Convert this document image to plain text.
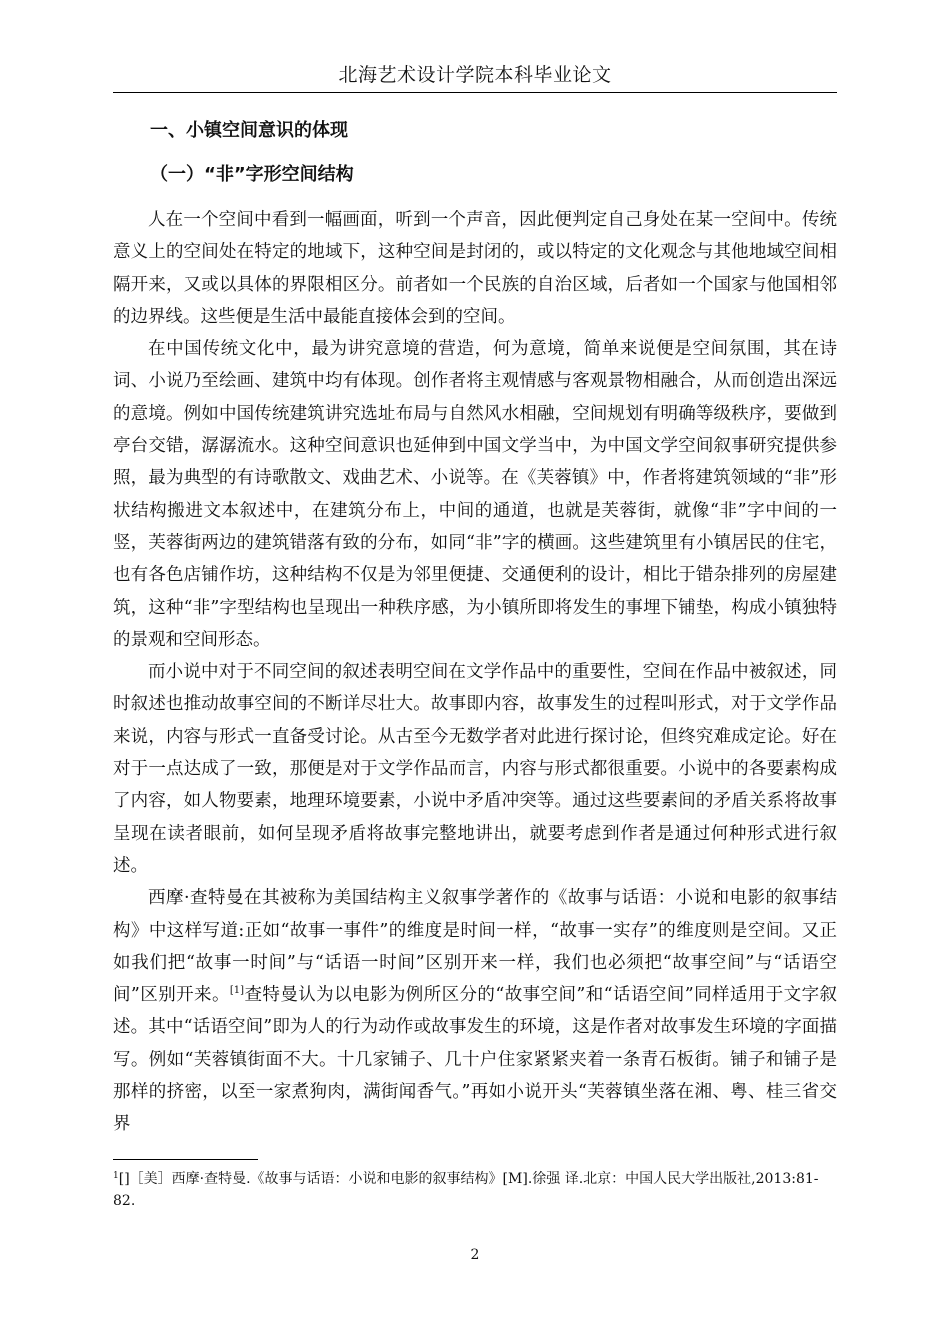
北海艺术设计学院本科毕业论文
一、小镇空间意识的体现
（一）“非”字形空间结构

人在一个空间中看到一幅画面，听到一个声音，因此便判定自己身处在某一空间中。传统意义上的空间处在特定的地域下，这种空间是封闭的，或以特定的文化观念与其他地域空间相隔开来，又或以具体的界限相区分。前者如一个民族的自治区域，后者如一个国家与他国相邻的边界线。这些便是生活中最能直接体会到的空间。

在中国传统文化中，最为讲究意境的营造，何为意境，简单来说便是空间氛围，其在诗词、小说乃至绘画、建筑中均有体现。创作者将主观情感与客观景物相融合，从而创造出深远的意境。例如中国传统建筑讲究选址布局与自然风水相融，空间规划有明确等级秩序，要做到亭台交错，潺潺流水。这种空间意识也延伸到中国文学当中，为中国文学空间叙事研究提供参照，最为典型的有诗歌散文、戏曲艺术、小说等。在《芙蓉镇》中，作者将建筑领域的“非”形状结构搬进文本叙述中，在建筑分布上，中间的通道，也就是芙蓉街，就像“非”字中间的一竖，芙蓉街两边的建筑错落有致的分布，如同“非”字的横画。这些建筑里有小镇居民的住宅，也有各色店铺作坊，这种结构不仅是为邻里便捷、交通便利的设计，相比于错杂排列的房屋建筑，这种“非”字型结构也呈现出一种秩序感，为小镇所即将发生的事埋下铺垫，构成小镇独特的景观和空间形态。

而小说中对于不同空间的叙述表明空间在文学作品中的重要性，空间在作品中被叙述，同时叙述也推动故事空间的不断详尽壮大。故事即内容，故事发生的过程叫形式，对于文学作品来说，内容与形式一直备受讨论。从古至今无数学者对此进行探讨论，但终究难成定论。好在对于一点达成了一致，那便是对于文学作品而言，内容与形式都很重要。小说中的各要素构成了内容，如人物要素，地理环境要素，小说中矛盾冲突等。通过这些要素间的矛盾关系将故事呈现在读者眼前，如何呈现矛盾将故事完整地讲出，就要考虑到作者是通过何种形式进行叙述。

西摩·查特曼在其被称为美国结构主义叙事学著作的《故事与话语：小说和电影的叙事结构》中这样写道:正如“故事一事件”的维度是时间一样，“故事一实存”的维度则是空间。又正如我们把“故事一时间”与“话语一时间”区别开来一样，我们也必须把“故事空间”与“话语空间”区别开来。[1]查特曼认为以电影为例所区分的“故事空间”和“话语空间”同样适用于文字叙述。其中“话语空间”即为人的行为动作或故事发生的环境，这是作者对故事发生环境的字面描写。例如“芙蓉镇街面不大。十几家铺子、几十户住家紧紧夹着一条青石板街。铺子和铺子是那样的挤密，以至一家煮狗肉，满街闻香气。”再如小说开头“芙蓉镇坐落在湘、粤、桂三省交界

$^1$[]［美］西摩·查特曼.《故事与话语：小说和电影的叙事结构》[M].徐强 译.北京：中国人民大学出版社,2013:81-82.
2
